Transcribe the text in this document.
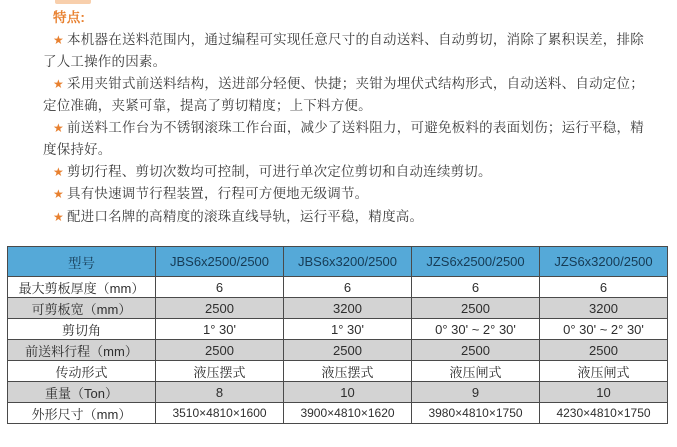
特点:

★ 本机器在送料范围内，通过编程可实现任意尺寸的自动送料、自动剪切，消除了累积误差，排除了人工操作的因素。

★ 采用夹钳式前送料结构，送进部分轻便、快捷；夹钳为埋伏式结构形式，自动送料、自动定位；定位准确，夹紧可靠，提高了剪切精度；上下料方便。

★ 前送料工作台为不锈钢滚珠工作台面，减少了送料阻力，可避免板料的表面划伤；运行平稳，精度保持好。

★ 剪切行程、剪切次数均可控制，可进行单次定位剪切和自动连续剪切。

★ 具有快速调节行程装置，行程可方便地无级调节。

★ 配进口名牌的高精度的滚珠直线导轨，运行平稳，精度高。

型号	JBS6x2500/2500	JBS6x3200/2500	JZS6x2500/2500	JZS6x3200/2500
最大剪板厚度（mm）	6	6	6	6
可剪板宽（mm）	2500	3200	2500	3200
剪切角	1° 30'	1° 30'	0° 30' ~ 2° 30'	0° 30' ~ 2° 30'
前送料行程（mm）	2500	2500	2500	2500
传动形式	液压摆式	液压摆式	液压闸式	液压闸式
重量（Ton）	8	10	9	10
外形尺寸（mm）	3510×4810×1600	3900×4810×1620	3980×4810×1750	4230×4810×1750
